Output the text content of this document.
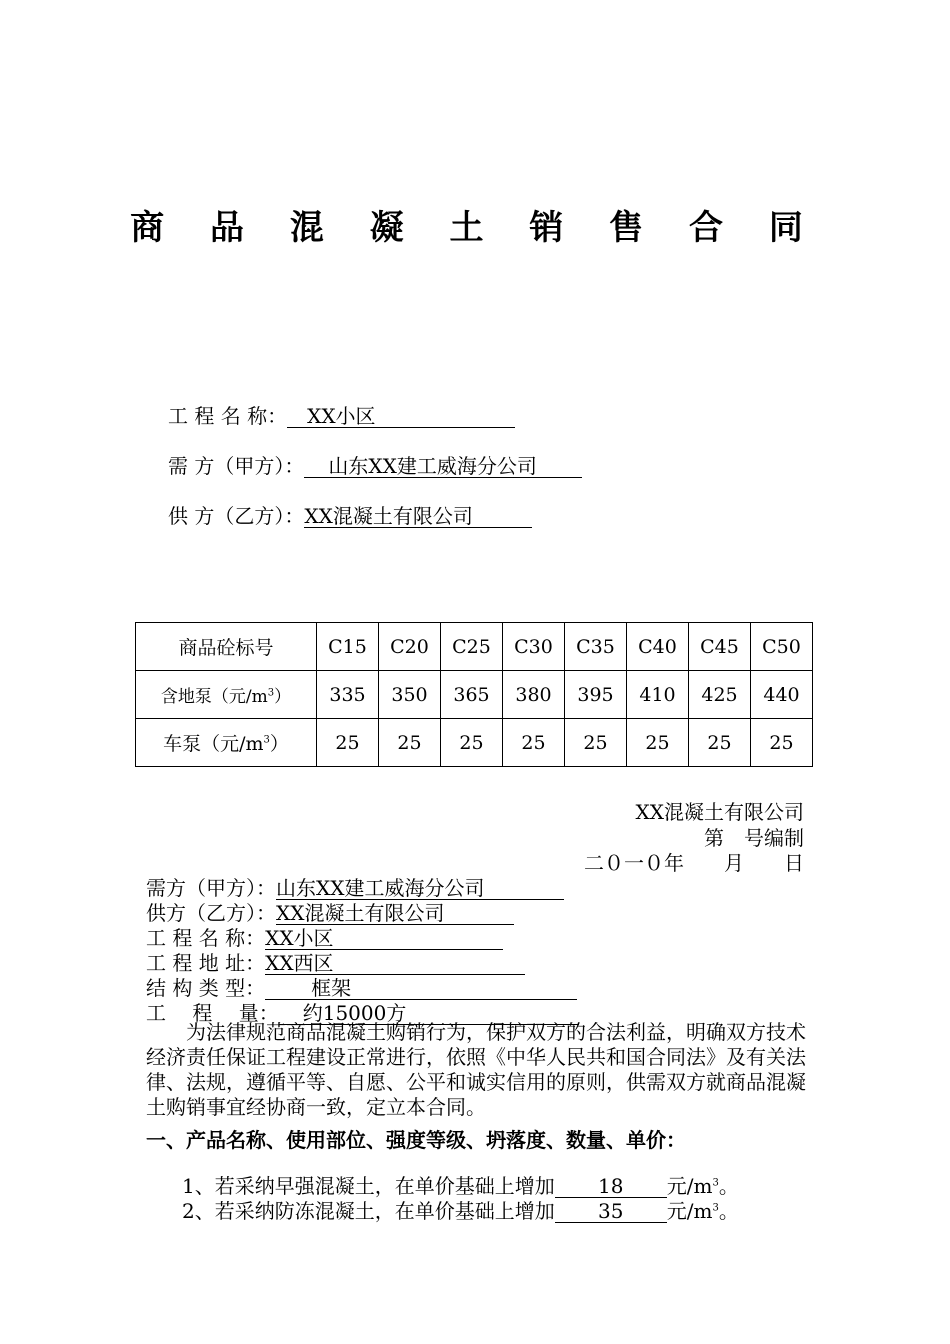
商 品 混 凝 土 销 售 合 同
工 程 名 称： XX小区
需 方（甲方）： 山东XX建工威海分公司
供 方（乙方）：XX混凝土有限公司
商品砼标号	C15	C20	C25	C30	C35	C40	C45	C50
含地泵（元$/m^3$）	335	350	365	380	395	410	425	440
车泵（元$/m^3$）	25	25	25	25	25	25	25	25
XX混凝土有限公司
第　号编制
二０一０年　　月　　日
需方（甲方）：山东XX建工威海分公司
供方（乙方）：XX混凝土有限公司
工 程 名 称：XX小区
工 程 地 址：XX西区
结 构 类 型： 框架
工　 程　 量： 约15000方
为法律规范商品混凝土购销行为，保护双方的合法利益，明确双方技术经济责任保证工程建设正常进行，依照《中华人民共和国合同法》及有关法律、法规，遵循平等、自愿、公平和诚实信用的原则，供需双方就商品混凝土购销事宜经协商一致，定立本合同。
一、产品名称、使用部位、强度等级、坍落度、数量、单价：
1、若采纳早强混凝土，在单价基础上增加 18 元$/m^3$。
2、若采纳防冻混凝土，在单价基础上增加 35 元$/m^3$。
